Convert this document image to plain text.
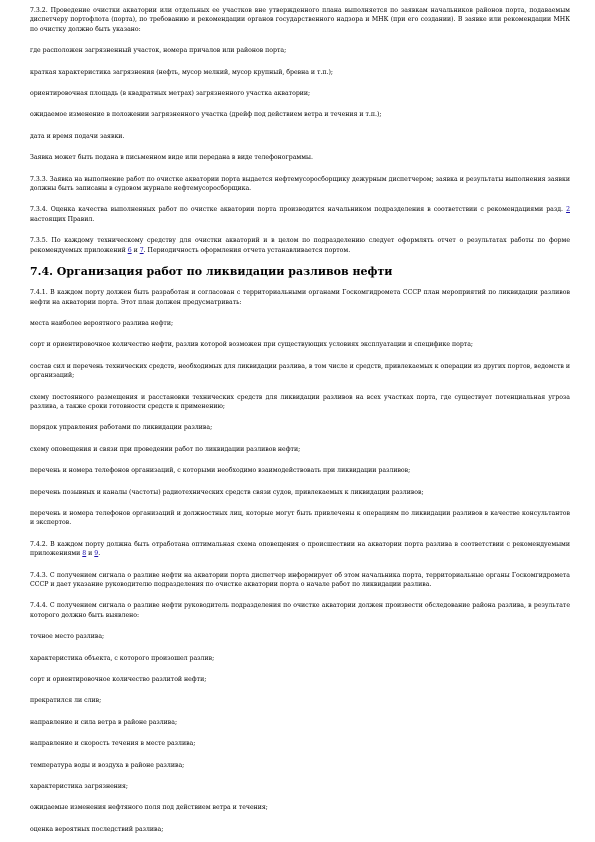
7.3.2. Проведение очистки акватории или отдельных ее участков вне утвержденного плана выполняется по заявкам начальников районов порта, подаваемым диспетчеру портофлота (порта), по требованию и рекомендации органов государственного надзора и МНК (при его создании). В заявке или рекомендации МНК по очистку должно быть указано:

где расположен загрязненный участок, номера причалов или районов порта;

краткая характеристика загрязнения (нефть, мусор мелкий, мусор крупный, бревна и т.п.);

ориентировочная площадь (в квадратных метрах) загрязненного участка акватории;

ожидаемое изменение в положении загрязненного участка (дрейф под действием ветра и течения и т.п.);

дата и время подачи заявки.

Заявка может быть подана в письменном виде или передана в виде телефонограммы.

7.3.3. Заявка на выполнение работ по очистке акватории порта выдается нефтемусоросборщику дежурным диспетчером; заявка и результаты выполнения заявки должны быть записаны в судовом журнале нефтемусоросборщика.

7.3.4. Оценка качества выполненных работ по очистке акватории порта производится начальником подразделения в соответствии с рекомендациями разд. 2 настоящих Правил.

7.3.5. По каждому техническому средству для очистки акваторий и в целом по подразделению следует оформлять отчет о результатах работы по форме рекомендуемых приложений 6 и 7. Периодичность оформления отчета устанавливается портом.

7.4. Организация работ по ликвидации разливов нефти

7.4.1. В каждом порту должен быть разработан и согласован с территориальными органами Госкомгидромета СССР план мероприятий по ликвидации разливов нефти на акватории порта. Этот план должен предусматривать:

места наиболее вероятного разлива нефти;

сорт и ориентировочное количество нефти, разлив которой возможен при существующих условиях эксплуатации и специфике порта;

состав сил и перечень технических средств, необходимых для ликвидации разлива, в том числе и средств, привлекаемых к операции из других портов, ведомств и организаций;

схему постоянного размещения и расстановки технических средств для ликвидации разливов на всех участках порта, где существует потенциальная угроза разлива, а также сроки готовности средств к применению;

порядок управления работами по ликвидации разлива;

схему оповещения и связи при проведении работ по ликвидации разливов нефти;

перечень и номера телефонов организаций, с которыми необходимо взаимодействовать при ликвидации разливов;

перечень позывных и каналы (частоты) радиотехнических средств связи судов, привлекаемых к ликвидации разливов;

перечень и номера телефонов организаций и должностных лиц, которые могут быть привлечены к операциям по ликвидации разливов в качестве консультантов и экспертов.

7.4.2. В каждом порту должна быть отработана оптимальная схема оповещения о происшествии на акватории порта разлива в соответствии с рекомендуемыми приложениями 8 и 9.

7.4.3. С получением сигнала о разливе нефти на акватории порта диспетчер информирует об этом начальника порта, территориальные органы Госкомгидромета СССР и дает указание руководителю подразделения по очистке акватории порта о начале работ по ликвидации разлива.

7.4.4. С получением сигнала о разливе нефти руководитель подразделения по очистке акватории должен произвести обследование района разлива, в результате которого должно быть выявлено:

точное место разлива;

характеристика объекта, с которого произошел разлив;

сорт и ориентировочное количество разлитой нефти;

прекратился ли слив;

направление и сила ветра в районе разлива;

направление и скорость течения в месте разлива;

температура воды и воздуха в районе разлива;

характеристика загрязнения;

ожидаемые изменения нефтяного поля под действием ветра и течения;

оценка вероятных последствий разлива;
